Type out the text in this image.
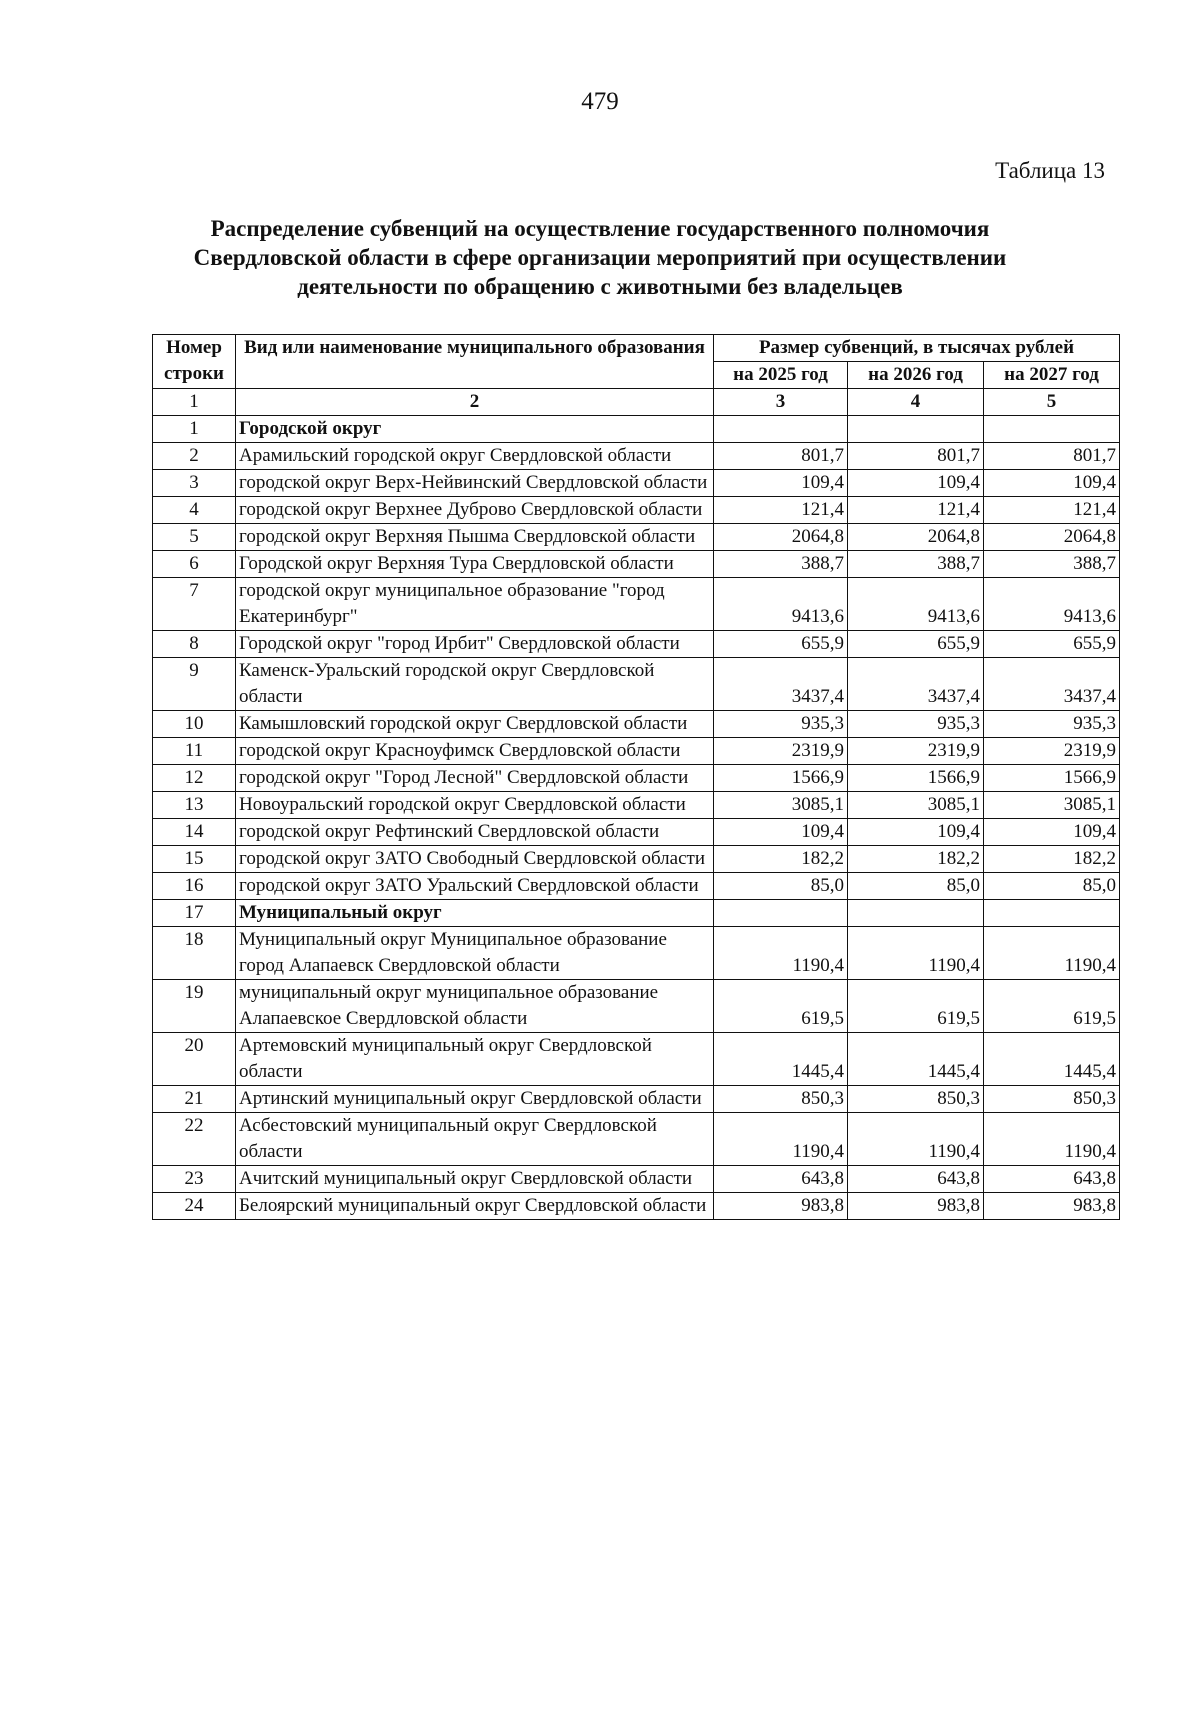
479
Таблица 13
Распределение субвенций на осуществление государственного полномочия
Свердловской области в сфере организации мероприятий при осуществлении
деятельности по обращению с животными без владельцев
Номер строки	Вид или наименование муниципального образования	Размер субвенций, в тысячах рублей		
		на 2025 год	на 2026 год	на 2027 год
1	2	3	4	5
1	Городской округ			
2	Арамильский городской округ Свердловской области	801,7	801,7	801,7
3	городской округ Верх-Нейвинский Свердловской области	109,4	109,4	109,4
4	городской округ Верхнее Дуброво Свердловской области	121,4	121,4	121,4
5	городской округ Верхняя Пышма Свердловской области	2064,8	2064,8	2064,8
6	Городской округ Верхняя Тура Свердловской области	388,7	388,7	388,7
7	городской округ муниципальное образование "город Екатеринбург"	9413,6	9413,6	9413,6
8	Городской округ "город Ирбит" Свердловской области	655,9	655,9	655,9
9	Каменск-Уральский городской округ Свердловской области	3437,4	3437,4	3437,4
10	Камышловский городской округ Свердловской области	935,3	935,3	935,3
11	городской округ Красноуфимск Свердловской области	2319,9	2319,9	2319,9
12	городской округ "Город Лесной" Свердловской области	1566,9	1566,9	1566,9
13	Новоуральский городской округ Свердловской области	3085,1	3085,1	3085,1
14	городской округ Рефтинский Свердловской области	109,4	109,4	109,4
15	городской округ ЗАТО Свободный Свердловской области	182,2	182,2	182,2
16	городской округ ЗАТО Уральский Свердловской области	85,0	85,0	85,0
17	Муниципальный округ			
18	Муниципальный округ Муниципальное образование город Алапаевск Свердловской области	1190,4	1190,4	1190,4
19	муниципальный округ муниципальное образование Алапаевское Свердловской области	619,5	619,5	619,5
20	Артемовский муниципальный округ Свердловской области	1445,4	1445,4	1445,4
21	Артинский муниципальный округ Свердловской области	850,3	850,3	850,3
22	Асбестовский муниципальный округ Свердловской области	1190,4	1190,4	1190,4
23	Ачитский муниципальный округ Свердловской области	643,8	643,8	643,8
24	Белоярский муниципальный округ Свердловской области	983,8	983,8	983,8
